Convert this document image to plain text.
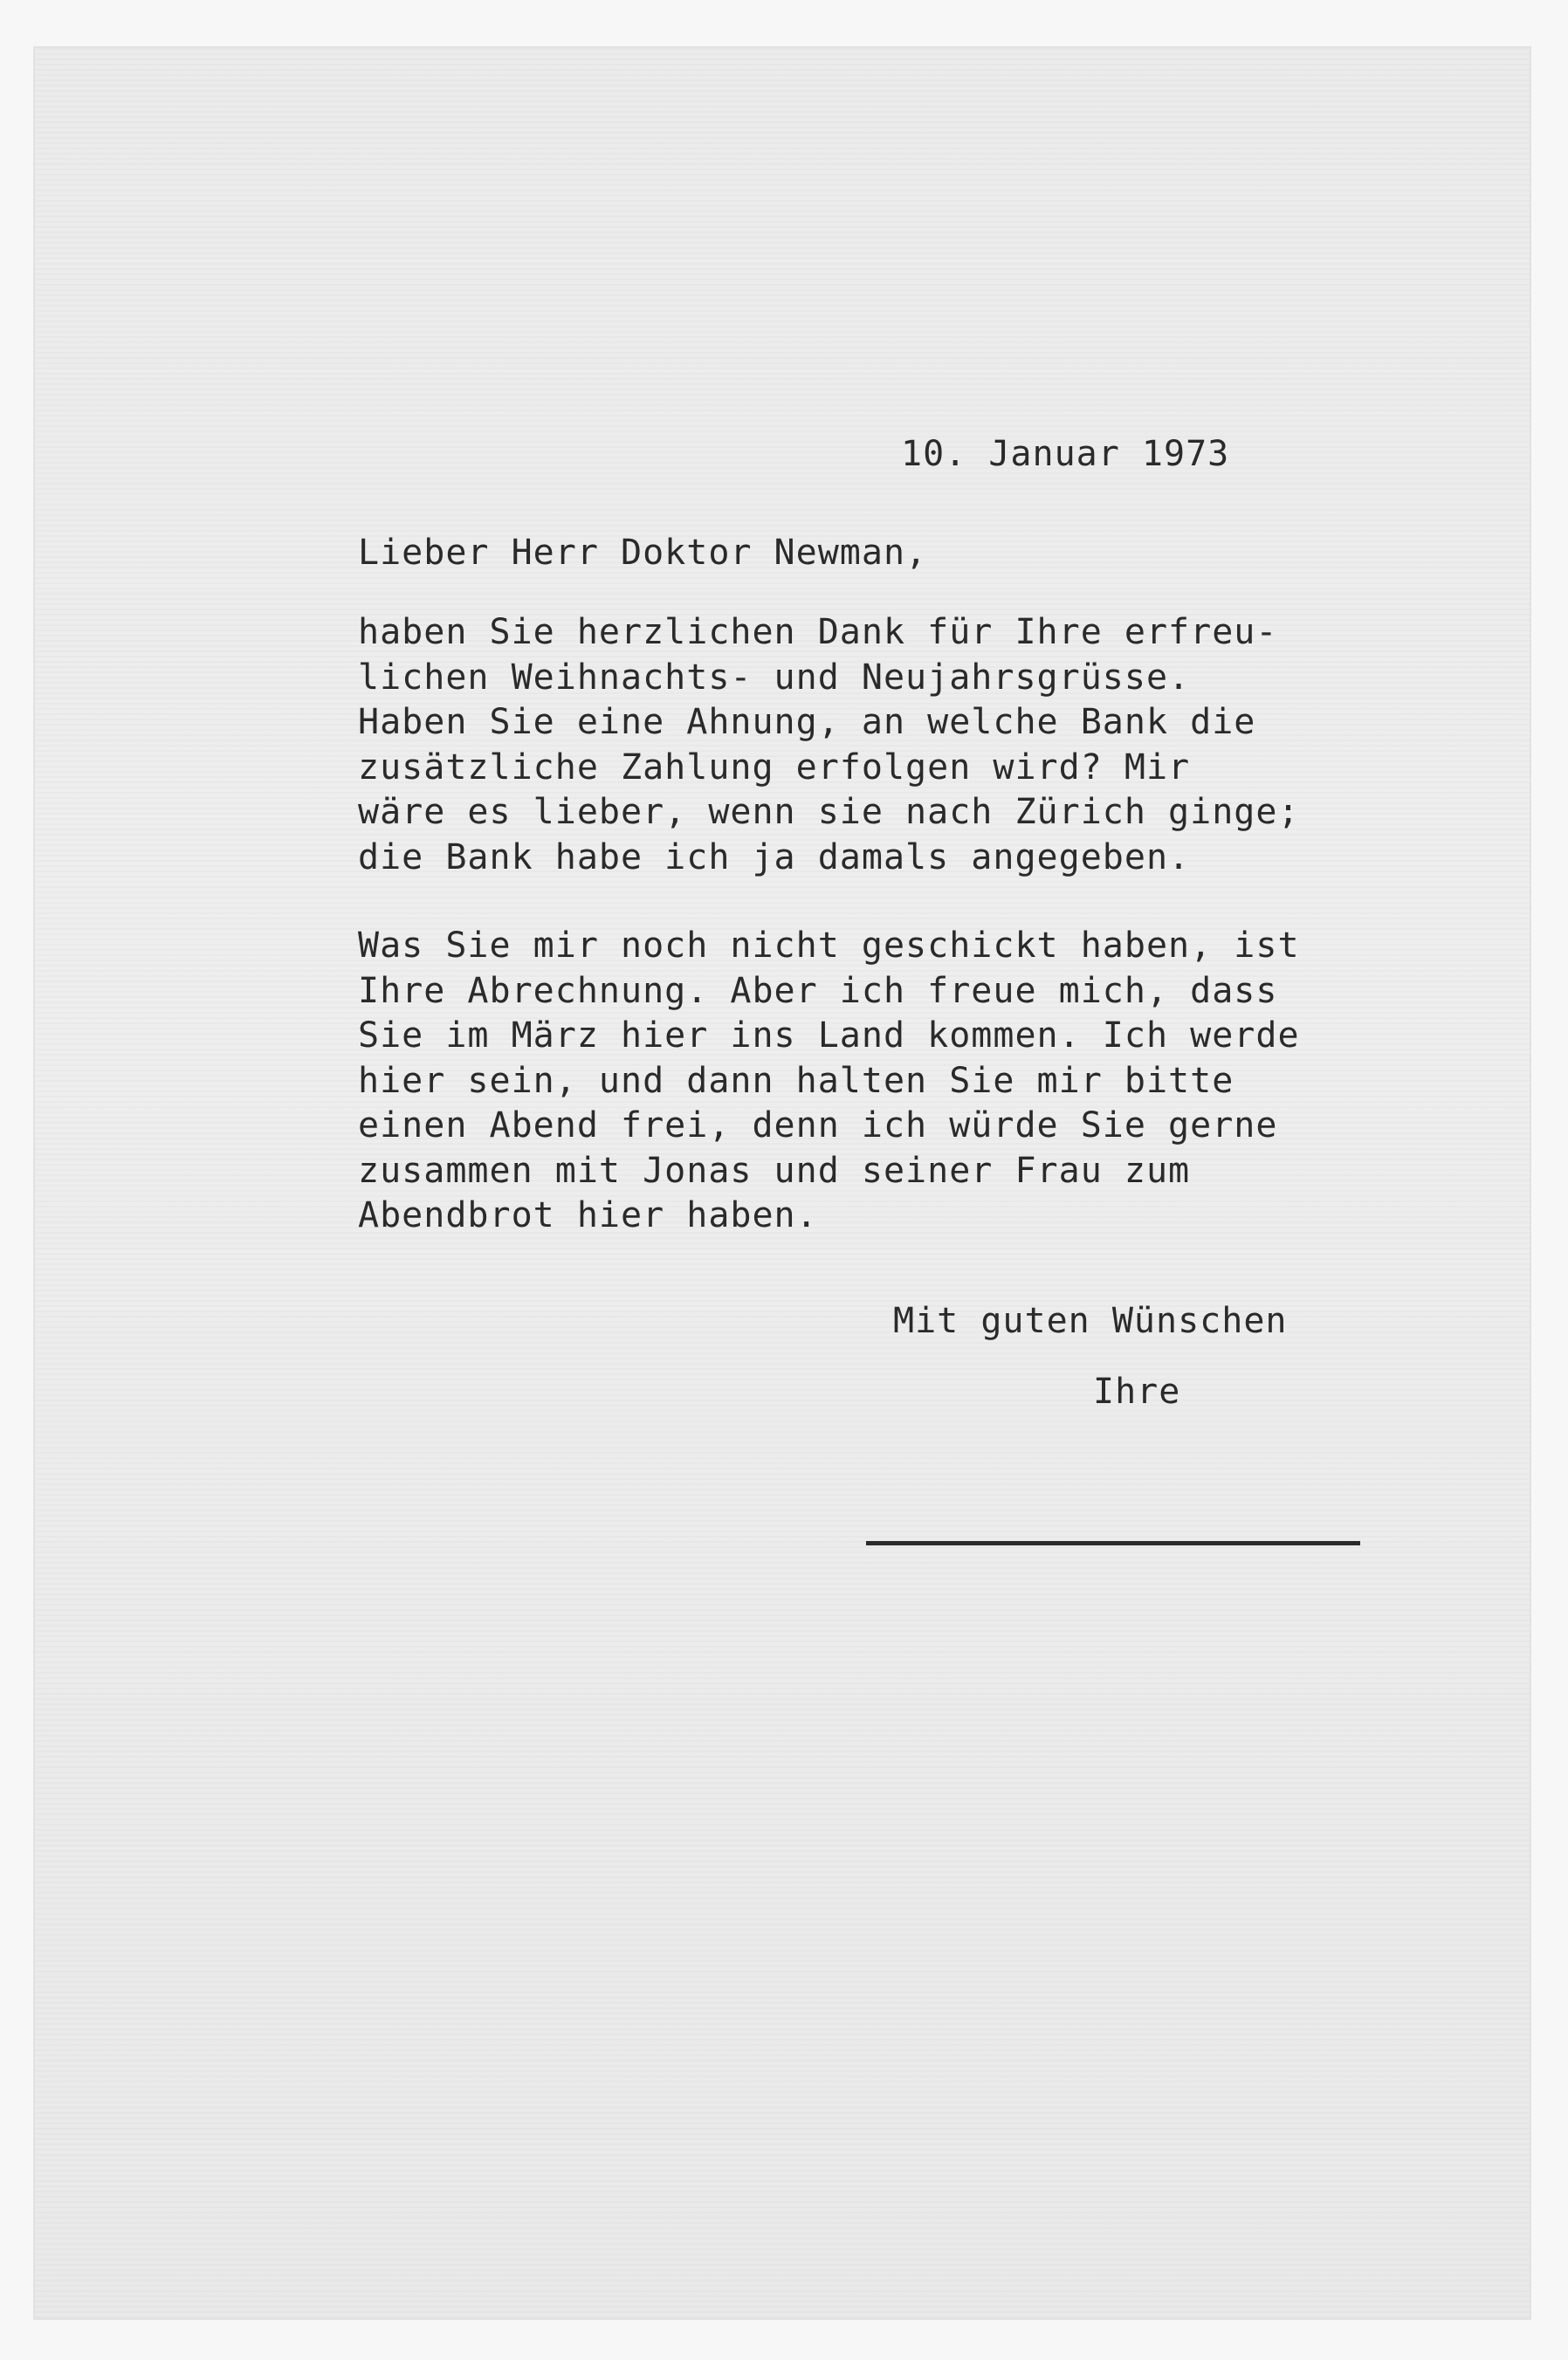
10. Januar 1973
Lieber Herr Doktor Newman,
haben Sie herzlichen Dank für Ihre erfreu-
lichen Weihnachts- und Neujahrsgrüsse.
Haben Sie eine Ahnung, an welche Bank die
zusätzliche Zahlung erfolgen wird? Mir
wäre es lieber, wenn sie nach Zürich ginge;
die Bank habe ich ja damals angegeben.
Was Sie mir noch nicht geschickt haben, ist
Ihre Abrechnung. Aber ich freue mich, dass
Sie im März hier ins Land kommen. Ich werde
hier sein, und dann halten Sie mir bitte
einen Abend frei, denn ich würde Sie gerne
zusammen mit Jonas und seiner Frau zum
Abendbrot hier haben.
Mit guten Wünschen
Ihre
